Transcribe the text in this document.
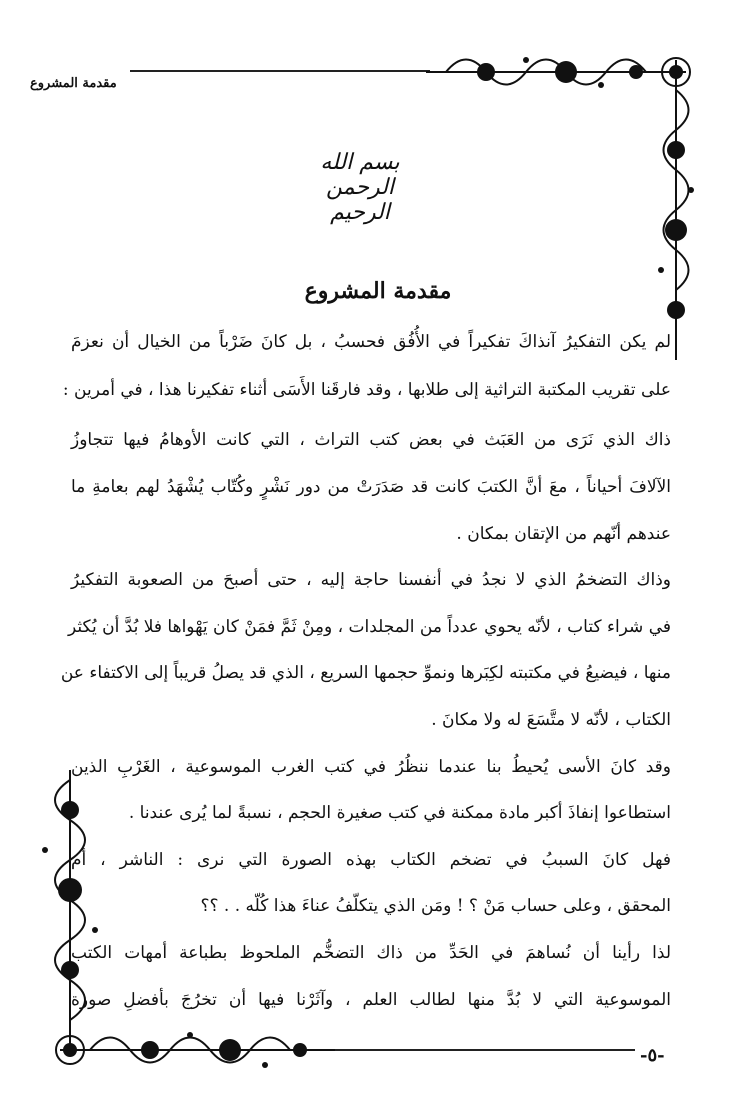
مقدمة المشروع
بسم الله الرحمن الرحيم
مقدمة المشروع
لم يكن التفكيرُ آنذاكَ تفكيراً في الأُفُق فحسبُ ، بل كانَ ضَرْباً من الخيال أن نعزمَ
على تقريب المكتبة التراثية إلى طلابها ، وقد فارقَنا الأَسَى أثناء تفكيرنا هذا ، في أمرين :
ذاك الذي نَرَى من العَبَث في بعض كتب التراث ، التي كانت الأوهامُ فيها تتجاوزُ
الآلافَ أحياناً ، معَ أنَّ الكتبَ كانت قد صَدَرَتْ من دور نَشْرٍ وكُتّاب يُشْهَدُ لهم بعامةِ ما
عندهم أنّهم من الإتقان بمكان .
وذاك التضخمُ الذي لا نجدُ في أنفسنا حاجة إليه ، حتى أصبحَ من الصعوبة التفكيرُ
في شراء كتاب ، لأنّه يحوي عدداً من المجلدات ، ومِنْ ثَمَّ فمَنْ كان يَهْواها فلا بُدَّ أن يُكثر
منها ، فيضيعُ في مكتبته لكِبَرها ونموِّ حجمها السريع ، الذي قد يصلُ قريباً إلى الاكتفاء عن
الكتاب ، لأنّه لا متَّسَعَ له ولا مكانَ .
وقد كانَ الأسى يُحيطُ بنا عندما ننظُرُ في كتب الغرب الموسوعية ، الغَرْبِ الذين
استطاعوا إنفاذَ أكبر مادة ممكنة في كتب صغيرة الحجم ، نسبةً لما يُرى عندنا .
فهل كانَ السببُ في تضخم الكتاب بهذه الصورة التي نرى : الناشر ، أم
المحقق ، وعلى حساب مَنْ ؟ ! ومَن الذي يتكلّفُ عناءَ هذا كُلّه . . ؟؟
لذا رأينا أن نُساهمَ في الحَدِّ من ذاك التضخُّم الملحوظ بطباعة أمهات الكتب
الموسوعية التي لا بُدَّ منها لطالب العلم ، وآثَرْنا فيها أن تخرُجَ بأفضلِ صورة
-٥-
